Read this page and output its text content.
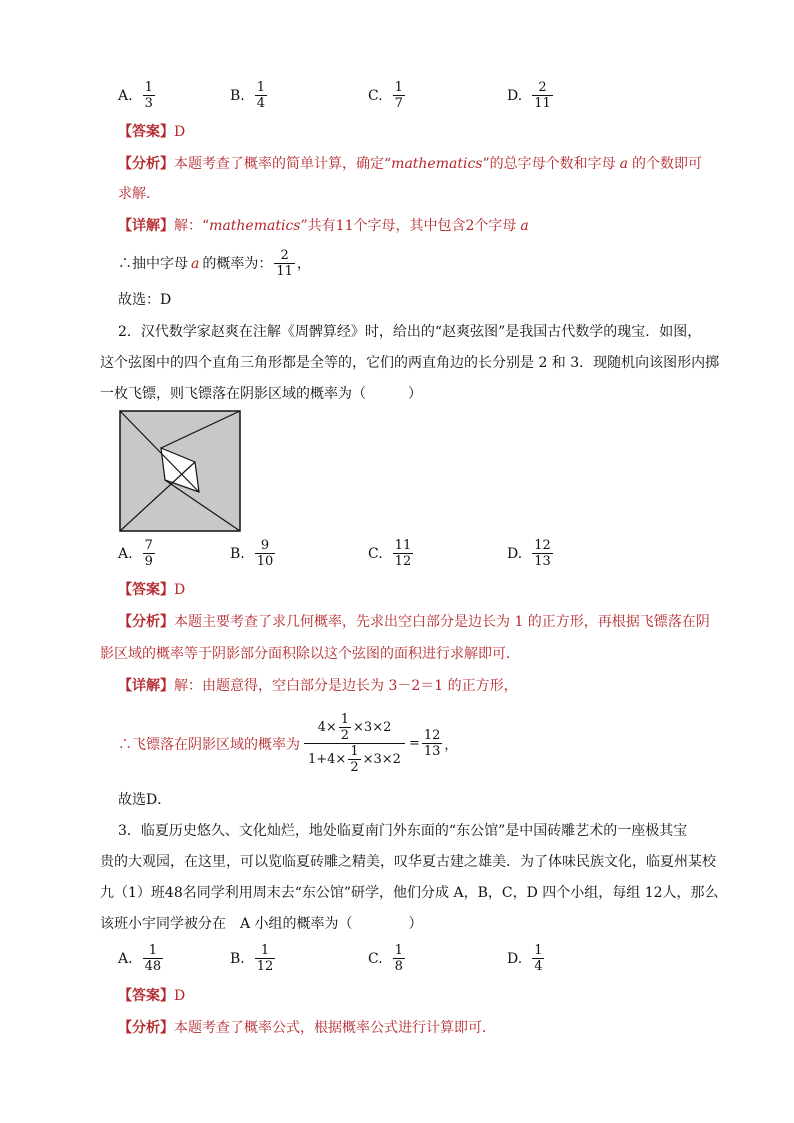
A. $\frac{1}{3}$	B. $\frac{1}{4}$	C. $\frac{1}{7}$	D. $\frac{2}{11}$
【答案】D
【分析】本题考查了概率的简单计算，确定“mathematics”的总字母个数和字母 a 的个数即可
求解．
【详解】解：“mathematics”共有11个字母，其中包含2个字母 a
∴抽中字母 a 的概率为： $\frac{2}{11}$ ，
故选：D
2．汉代数学家赵爽在注解《周髀算经》时，给出的“赵爽弦图”是我国古代数学的瑰宝．如图，
这个弦图中的四个直角三角形都是全等的，它们的两直角边的长分别是 2 和 3．现随机向该图形内掷
一枚飞镖，则飞镖落在阴影区域的概率为（　　　）
A. $\frac{7}{9}$	B. $\frac{9}{10}$	C. $\frac{11}{12}$	D. $\frac{12}{13}$
【答案】D
【分析】本题主要考查了求几何概率，先求出空白部分是边长为 1 的正方形，再根据飞镖落在阴
影区域的概率等于阴影部分面积除以这个弦图的面积进行求解即可．
【详解】解：由题意得，空白部分是边长为 3－2＝1 的正方形，
∴飞镖落在阴影区域的概率为 $\frac{4\times \frac{1}{2} \times 3\times 2}{1+4\times \frac{1}{2} \times 3\times 2} = \frac{12}{13}$ ，
故选D．
3．临夏历史悠久、文化灿烂，地处临夏南门外东面的“东公馆”是中国砖雕艺术的一座极其宝
贵的大观园，在这里，可以览临夏砖雕之精美，叹华夏古建之雄美．为了体味民族文化，临夏州某校
九（1）班48名同学利用周末去“东公馆”研学，他们分成 A，B，C，D 四个小组，每组 12人，那么
该班小宇同学被分在　A 小组的概率为（　　　　）
A. $\frac{1}{48}$	B. $\frac{1}{12}$	C. $\frac{1}{8}$	D. $\frac{1}{4}$
【答案】D
【分析】本题考查了概率公式，根据概率公式进行计算即可．
